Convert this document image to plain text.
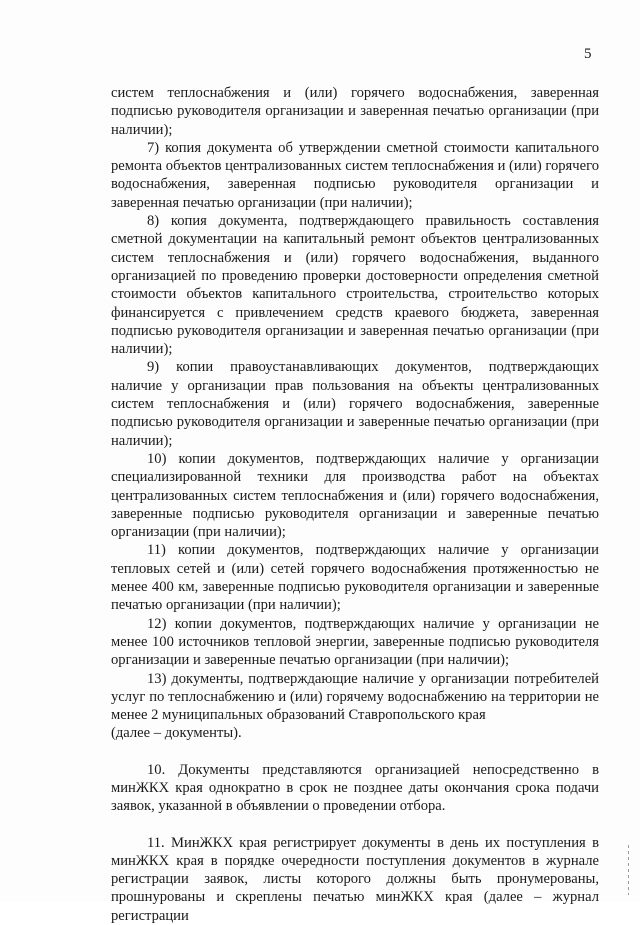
5

систем теплоснабжения и (или) горячего водоснабжения, заверенная подписью руководителя организации и заверенная печатью организации (при наличии);

7) копия документа об утверждении сметной стоимости капитального ремонта объектов централизованных систем теплоснабжения и (или) горячего водоснабжения, заверенная подписью руководителя организации и заверенная печатью организации (при наличии);

8) копия документа, подтверждающего правильность составления сметной документации на капитальный ремонт объектов централизованных систем теплоснабжения и (или) горячего водоснабжения, выданного организацией по проведению проверки достоверности определения сметной стоимости объектов капитального строительства, строительство которых финансируется с привлечением средств краевого бюджета, заверенная подписью руководителя организации и заверенная печатью организации (при наличии);

9) копии правоустанавливающих документов, подтверждающих наличие у организации прав пользования на объекты централизованных систем теплоснабжения и (или) горячего водоснабжения, заверенные подписью руководителя организации и заверенные печатью организации (при наличии);

10) копии документов, подтверждающих наличие у организации специализированной техники для производства работ на объектах централизованных систем теплоснабжения и (или) горячего водоснабжения, заверенные подписью руководителя организации и заверенные печатью организации (при наличии);

11) копии документов, подтверждающих наличие у организации тепловых сетей и (или) сетей горячего водоснабжения протяженностью не менее 400 км, заверенные подписью руководителя организации и заверенные печатью организации (при наличии);

12) копии документов, подтверждающих наличие у организации не менее 100 источников тепловой энергии, заверенные подписью руководителя организации и заверенные печатью организации (при наличии);

13) документы, подтверждающие наличие у организации потребителей услуг по теплоснабжению и (или) горячему водоснабжению на территории не менее 2 муниципальных образований Ставропольского края

(далее – документы).

10. Документы представляются организацией непосредственно в минЖКХ края однократно в срок не позднее даты окончания срока подачи заявок, указанной в объявлении о проведении отбора.

11. МинЖКХ края регистрирует документы в день их поступления в минЖКХ края в порядке очередности поступления документов в журнале регистрации заявок, листы которого должны быть пронумерованы, прошнурованы и скреплены печатью минЖКХ края (далее – журнал регистрации
